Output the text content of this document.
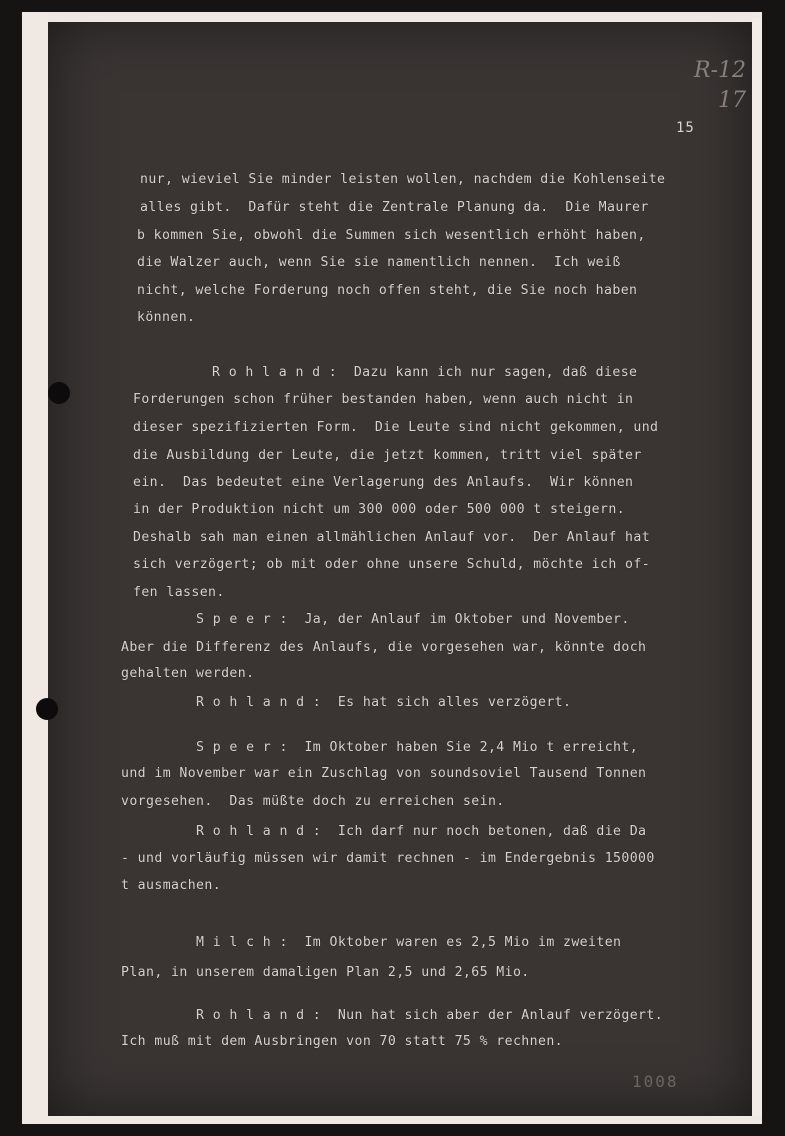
R-12
17
15
nur, wieviel Sie minder leisten wollen, nachdem die Kohlenseite
alles gibt.  Dafür steht die Zentrale Planung da.  Die Maurer
b kommen Sie, obwohl die Summen sich wesentlich erhöht haben,
die Walzer auch, wenn Sie sie namentlich nennen.  Ich weiß
nicht, welche Forderung noch offen steht, die Sie noch haben
können.
R o h l a n d :  Dazu kann ich nur sagen, daß diese
Forderungen schon früher bestanden haben, wenn auch nicht in
dieser spezifizierten Form.  Die Leute sind nicht gekommen, und
die Ausbildung der Leute, die jetzt kommen, tritt viel später
ein.  Das bedeutet eine Verlagerung des Anlaufs.  Wir können
in der Produktion nicht um 300 000 oder 500 000 t steigern.
Deshalb sah man einen allmählichen Anlauf vor.  Der Anlauf hat
sich verzögert; ob mit oder ohne unsere Schuld, möchte ich of-
fen lassen.
S p e e r :  Ja, der Anlauf im Oktober und November.
Aber die Differenz des Anlaufs, die vorgesehen war, könnte doch
gehalten werden.
R o h l a n d :  Es hat sich alles verzögert.
S p e e r :  Im Oktober haben Sie 2,4 Mio t erreicht,
und im November war ein Zuschlag von soundsoviel Tausend Tonnen
vorgesehen.  Das müßte doch zu erreichen sein.
R o h l a n d :  Ich darf nur noch betonen, daß die Da
- und vorläufig müssen wir damit rechnen - im Endergebnis 150000
t ausmachen.
M i l c h :  Im Oktober waren es 2,5 Mio im zweiten
Plan, in unserem damaligen Plan 2,5 und 2,65 Mio.
R o h l a n d :  Nun hat sich aber der Anlauf verzögert.
Ich muß mit dem Ausbringen von 70 statt 75 % rechnen.
1008
